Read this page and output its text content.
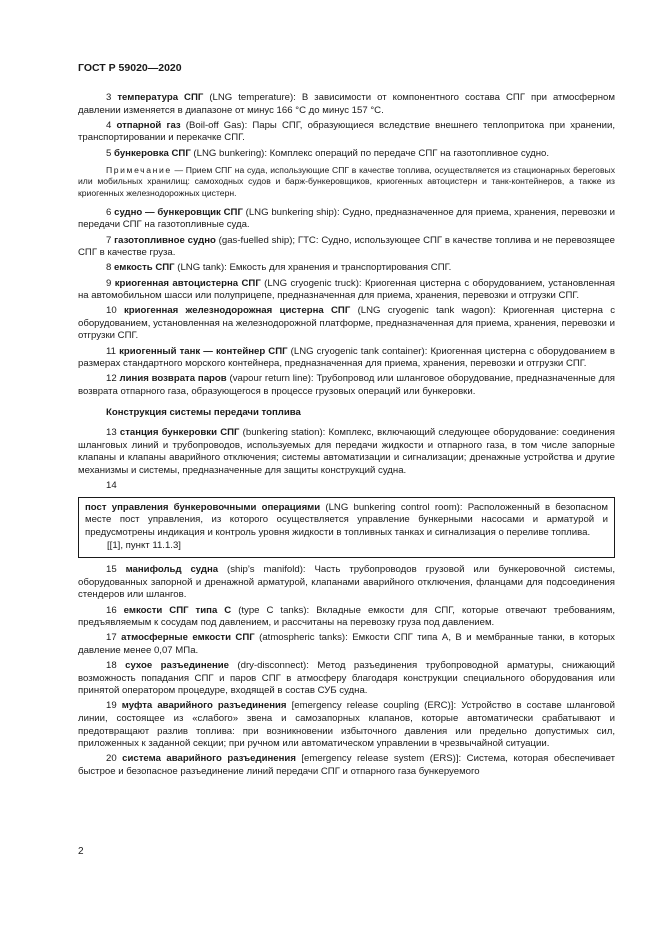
ГОСТ Р 59020—2020

3 температура СПГ (LNG temperature): В зависимости от компонентного состава СПГ при атмосферном давлении изменяется в диапазоне от минус 166 °С до минус 157 °С.

4 отпарной газ (Boil-off Gas): Пары СПГ, образующиеся вследствие внешнего теплопритока при хранении, транспортировании и перекачке СПГ.

5 бункеровка СПГ (LNG bunkering): Комплекс операций по передаче СПГ на газотопливное судно.

Примечание — Прием СПГ на суда, использующие СПГ в качестве топлива, осуществляется из стационарных береговых или мобильных хранилищ: самоходных судов и барж-бункеровщиков, криогенных автоцистерн и танк-контейнеров, а также из криогенных железнодорожных цистерн.

6 судно — бункеровщик СПГ (LNG bunkering ship): Судно, предназначенное для приема, хранения, перевозки и передачи СПГ на газотопливные суда.

7 газотопливное судно (gas-fuelled ship); ГТС: Судно, использующее СПГ в качестве топлива и не перевозящее СПГ в качестве груза.

8 емкость СПГ (LNG tank): Емкость для хранения и транспортирования СПГ.

9 криогенная автоцистерна СПГ (LNG cryogenic truck): Криогенная цистерна с оборудованием, установленная на автомобильном шасси или полуприцепе, предназначенная для приема, хранения, перевозки и отгрузки СПГ.

10 криогенная железнодорожная цистерна СПГ (LNG cryogenic tank wagon): Криогенная цистерна с оборудованием, установленная на железнодорожной платформе, предназначенная для приема, хранения, перевозки и отгрузки СПГ.

11 криогенный танк — контейнер СПГ (LNG cryogenic tank container): Криогенная цистерна с оборудованием в размерах стандартного морского контейнера, предназначенная для приема, хранения, перевозки и отгрузки СПГ.

12 линия возврата паров (vapour return line): Трубопровод или шланговое оборудование, предназначенные для возврата отпарного газа, образующегося в процессе грузовых операций или бункеровки.

Конструкция системы передачи топлива

13 станция бункеровки СПГ (bunkering station): Комплекс, включающий следующее оборудование: соединения шланговых линий и трубопроводов, используемых для передачи жидкости и отпарного газа, в том числе запорные клапаны и клапаны аварийного отключения; системы автоматизации и сигнализации; дренажные устройства и другие механизмы и системы, предназначенные для защиты конструкций судна.

14

пост управления бункеровочными операциями (LNG bunkering control room): Расположенный в безопасном месте пост управления, из которого осуществляется управление бункерными насосами и арматурой и предусмотрены индикация и контроль уровня жидкости в топливных танках и сигнализация о переливе топлива.

[[1], пункт 11.1.3]

15 манифольд судна (ship’s manifold): Часть трубопроводов грузовой или бункеровочной системы, оборудованных запорной и дренажной арматурой, клапанами аварийного отключения, фланцами для подсоединения стендеров или шлангов.

16 емкости СПГ типа С (type C tanks): Вкладные емкости для СПГ, которые отвечают требованиям, предъявляемым к сосудам под давлением, и рассчитаны на перевозку груза под давлением.

17 атмосферные емкости СПГ (atmospheric tanks): Емкости СПГ типа А, В и мембранные танки, в которых давление менее 0,07 МПа.

18 сухое разъединение (dry-disconnect): Метод разъединения трубопроводной арматуры, снижающий возможность попадания СПГ и паров СПГ в атмосферу благодаря конструкции специального оборудования или принятой оператором процедуре, входящей в состав СУБ судна.

19 муфта аварийного разъединения [emergency release coupling (ERC)]: Устройство в составе шланговой линии, состоящее из «слабого» звена и самозапорных клапанов, которые автоматически срабатывают и предотвращают разлив топлива: при возникновении избыточного давления или предельно допустимых сил, приложенных к заданной секции; при ручном или автоматическом управлении в чрезвычайной ситуации.

20 система аварийного разъединения [emergency release system (ERS)]: Система, которая обеспечивает быстрое и безопасное разъединение линий передачи СПГ и отпарного газа бункеруемого

2
